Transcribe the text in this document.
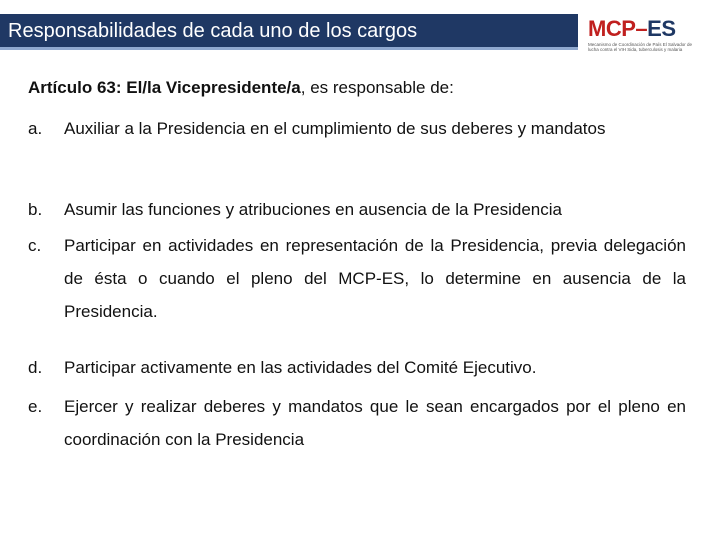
Responsabilidades de cada uno de los cargos	MCP–ES
Mecanismo de Coordinación de País El Salvador de lucha contra el VIH Sida, tuberculosis y malaria
Artículo 63: El/la Vicepresidente/a, es responsable de:
a.	Auxiliar a la Presidencia en el cumplimiento de sus deberes y mandatos
b.	Asumir las funciones y atribuciones en ausencia de la Presidencia
c.	Participar en actividades en representación de la Presidencia, previa delegación de ésta o cuando el pleno del MCP-ES, lo determine en ausencia de la Presidencia.
d.	Participar activamente en las actividades del Comité Ejecutivo.
e.	Ejercer y realizar deberes y mandatos que le sean encargados por el pleno en coordinación con la Presidencia
